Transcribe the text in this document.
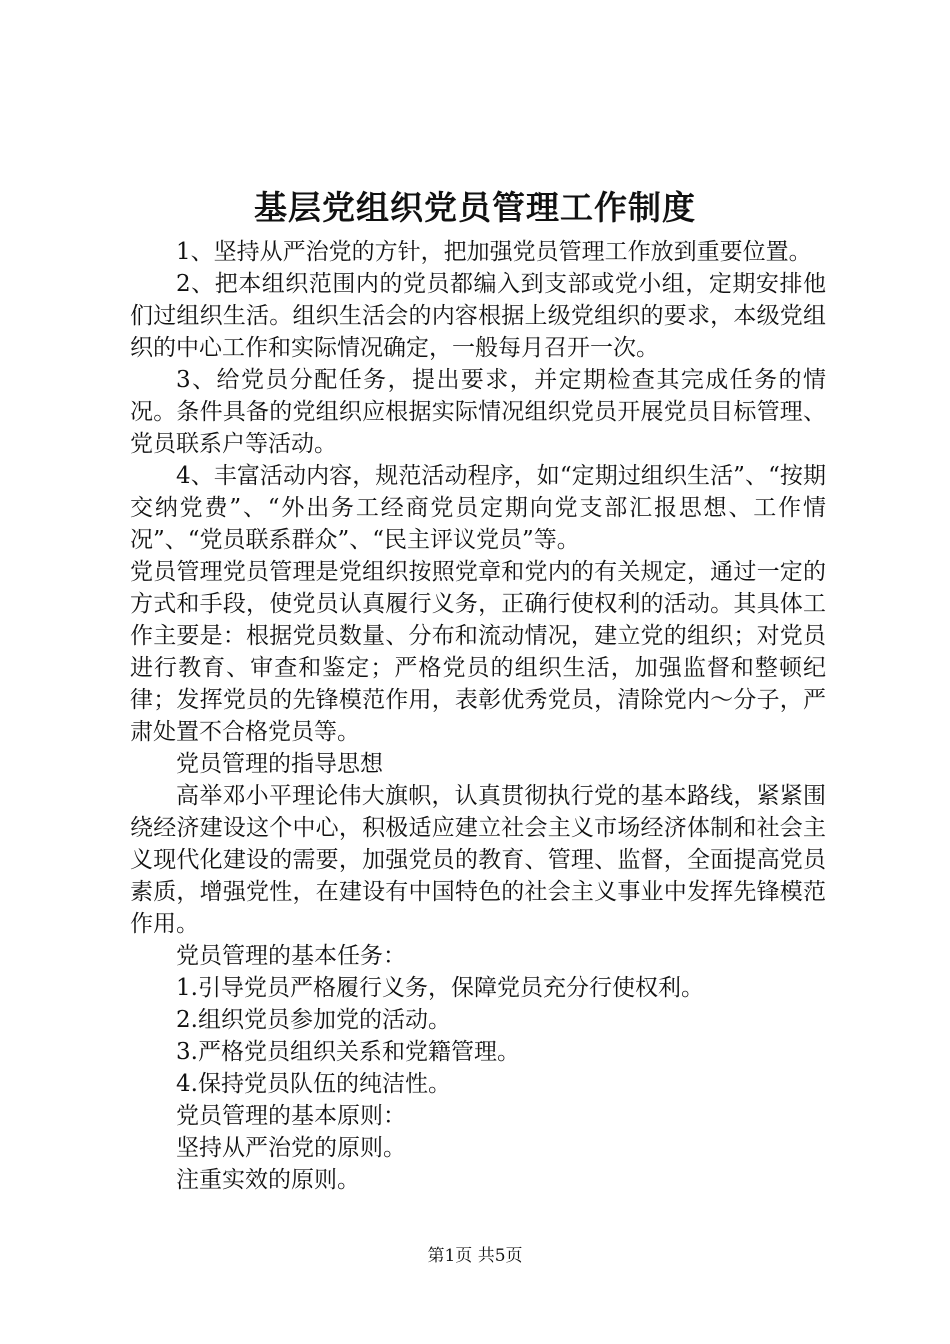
基层党组织党员管理工作制度

1、坚持从严治党的方针，把加强党员管理工作放到重要位置。

2、把本组织范围内的党员都编入到支部或党小组，定期安排他们过组织生活。组织生活会的内容根据上级党组织的要求，本级党组织的中心工作和实际情况确定，一般每月召开一次。

3、给党员分配任务，提出要求，并定期检查其完成任务的情况。条件具备的党组织应根据实际情况组织党员开展党员目标管理、党员联系户等活动。

4、丰富活动内容，规范活动程序，如“定期过组织生活”、“按期交纳党费”、“外出务工经商党员定期向党支部汇报思想、工作情况”、“党员联系群众”、“民主评议党员”等。

党员管理党员管理是党组织按照党章和党内的有关规定，通过一定的方式和手段，使党员认真履行义务，正确行使权利的活动。其具体工作主要是：根据党员数量、分布和流动情况，建立党的组织；对党员进行教育、审查和鉴定；严格党员的组织生活，加强监督和整顿纪律；发挥党员的先锋模范作用，表彰优秀党员，清除党内～分子，严肃处置不合格党员等。

党员管理的指导思想

高举邓小平理论伟大旗帜，认真贯彻执行党的基本路线，紧紧围绕经济建设这个中心，积极适应建立社会主义市场经济体制和社会主义现代化建设的需要，加强党员的教育、管理、监督，全面提高党员素质，增强党性，在建设有中国特色的社会主义事业中发挥先锋模范作用。

党员管理的基本任务：

1.引导党员严格履行义务，保障党员充分行使权利。

2.组织党员参加党的活动。

3.严格党员组织关系和党籍管理。

4.保持党员队伍的纯洁性。

党员管理的基本原则：

坚持从严治党的原则。

注重实效的原则。

第1页 共5页
